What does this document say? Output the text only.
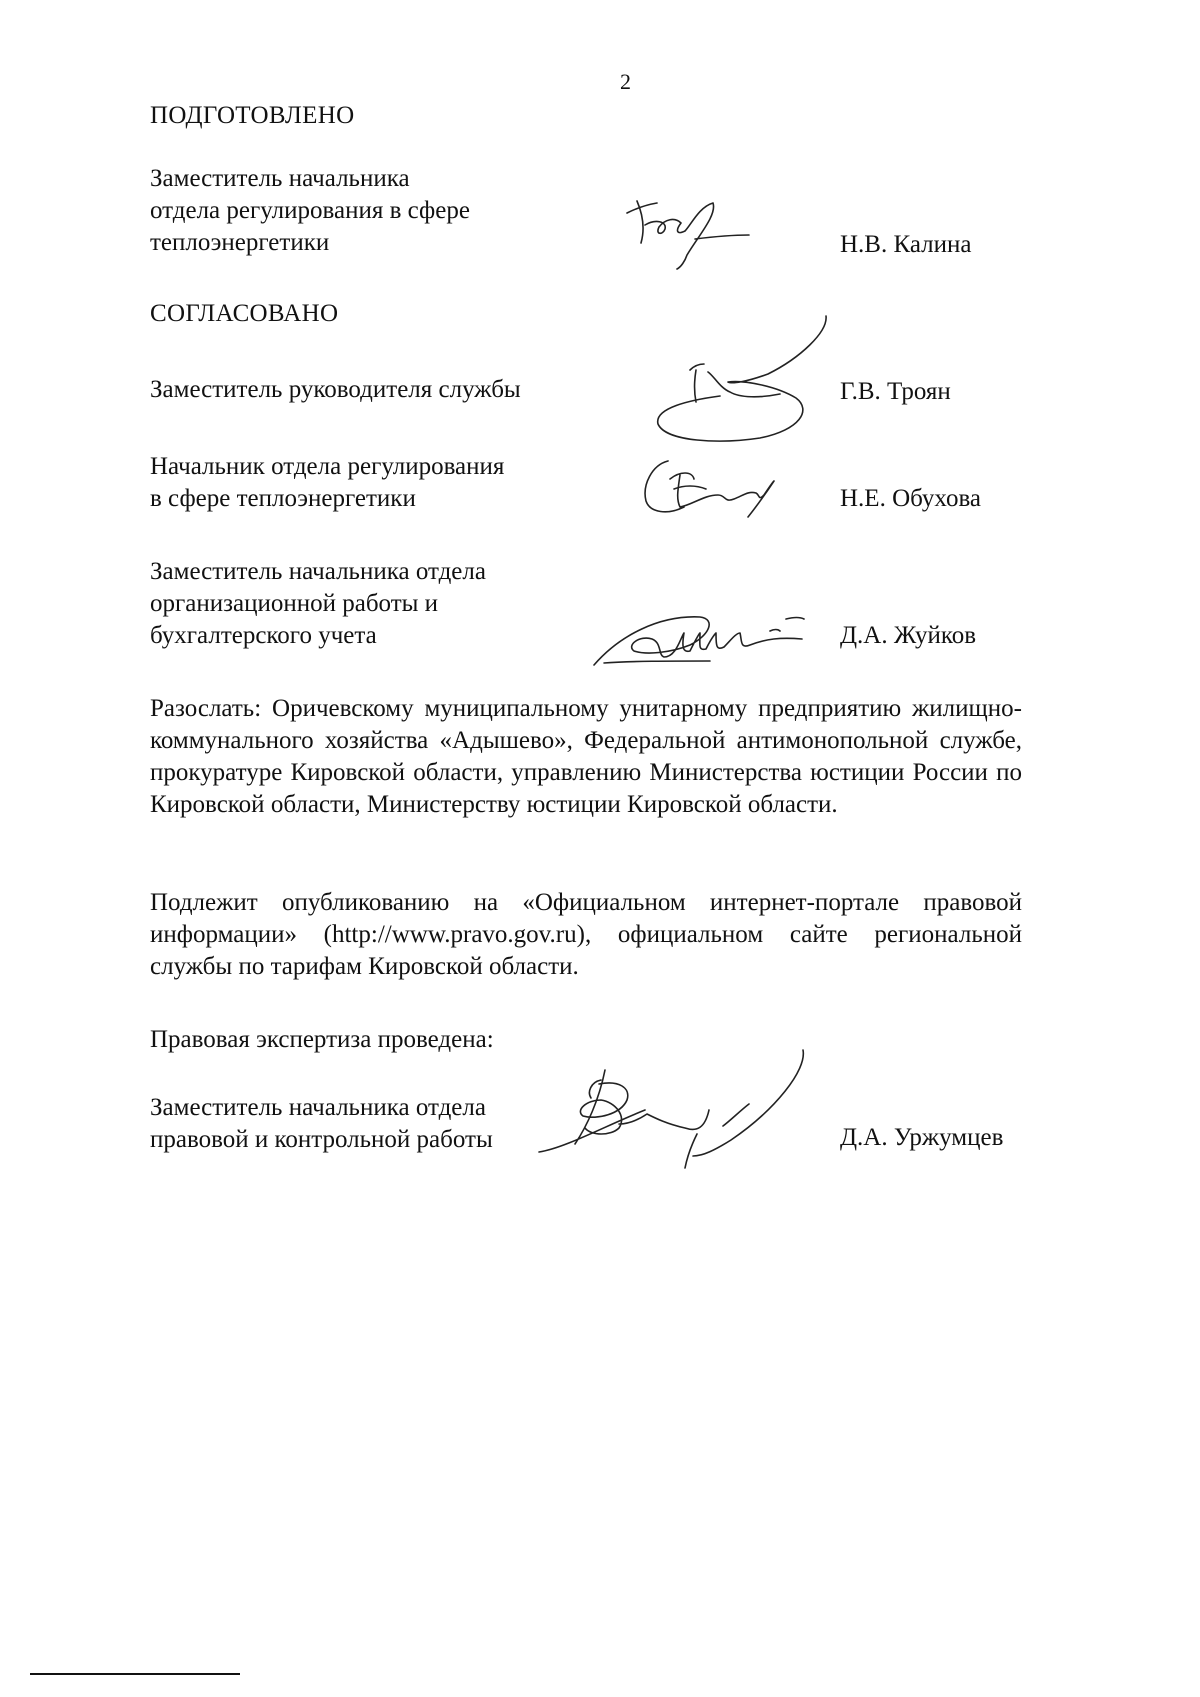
2
ПОДГОТОВЛЕНО
Заместитель начальника
отдела регулирования в сфере
теплоэнергетики	Н.В. Калина
СОГЛАСОВАНО
Заместитель руководителя службы	Г.В. Троян
Начальник отдела регулирования
в сфере теплоэнергетики	Н.Е. Обухова
Заместитель начальника отдела
организационной работы и
бухгалтерского учета	Д.А. Жуйков
Разослать: Оричевскому муниципальному унитарному предприятию жилищно-коммунального хозяйства «Адышево», Федеральной антимонопольной службе, прокуратуре Кировской области, управлению Министерства юстиции России по Кировской области, Министерству юстиции Кировской области.
Подлежит опубликованию на «Официальном интернет-портале правовой информации» (http://www.pravo.gov.ru), официальном сайте региональной службы по тарифам Кировской области.
Правовая экспертиза проведена:
Заместитель начальника отдела
правовой и контрольной работы	Д.А. Уржумцев
